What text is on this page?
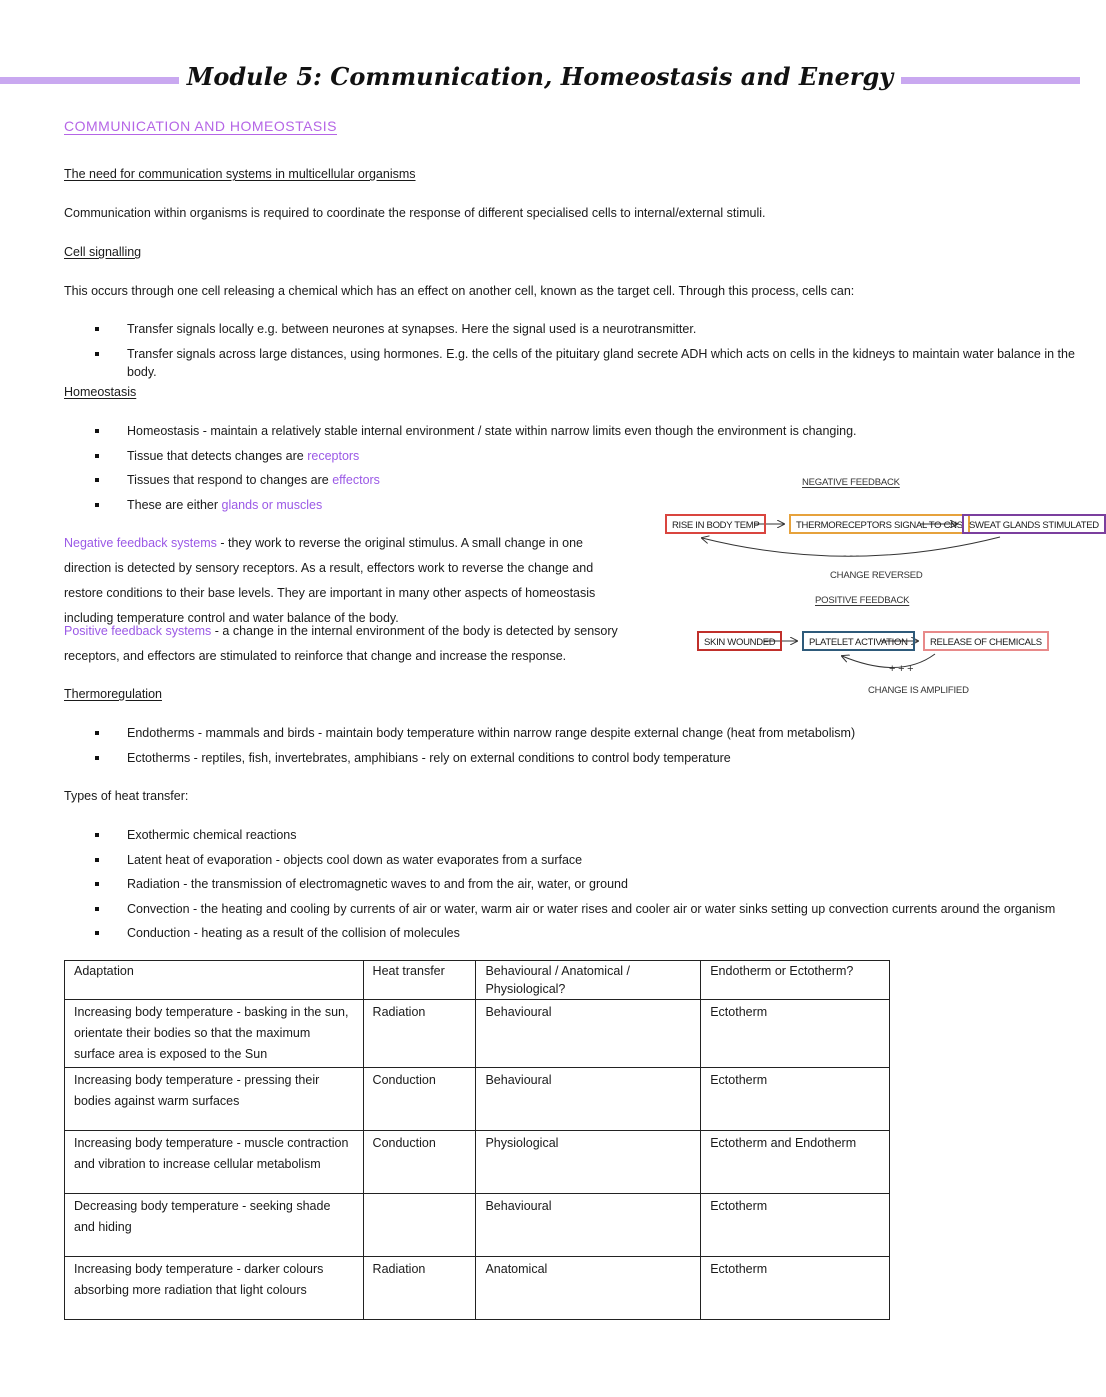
Module 5: Communication, Homeostasis and Energy
COMMUNICATION AND HOMEOSTASIS
The need for communication systems in multicellular organisms
Communication within organisms is required to coordinate the response of different specialised cells to internal/external stimuli.
Cell signalling
This occurs through one cell releasing a chemical which has an effect on another cell, known as the target cell. Through this process, cells can:
Transfer signals locally e.g. between neurones at synapses. Here the signal used is a neurotransmitter.
Transfer signals across large distances, using hormones. E.g. the cells of the pituitary gland secrete ADH which acts on cells in the kidneys to maintain water balance in the body.
Homeostasis
Homeostasis - maintain a relatively stable internal environment / state within narrow limits even though the environment is changing.
Tissue that detects changes are receptors
Tissues that respond to changes are effectors
These are either glands or muscles
Negative feedback systems - they work to reverse the original stimulus. A small change in one direction is detected by sensory receptors. As a result, effectors work to reverse the change and restore conditions to their base levels. They are important in many other aspects of homeostasis including temperature control and water balance of the body.
Positive feedback systems - a change in the internal environment of the body is detected by sensory receptors, and effectors are stimulated to reinforce that change and increase the response.
NEGATIVE FEEDBACK
RISE IN BODY TEMP	THERMORECEPTORS SIGNAL TO CNS SWEAT GLANDS STIMULATED
- - -
CHANGE REVERSED
POSITIVE FEEDBACK
SKIN WOUNDED	PLATELET ACTIVATION	RELEASE OF CHEMICALS
+ + +
CHANGE IS AMPLIFIED
Thermoregulation
Endotherms - mammals and birds - maintain body temperature within narrow range despite external change (heat from metabolism)
Ectotherms - reptiles, fish, invertebrates, amphibians - rely on external conditions to control body temperature
Types of heat transfer:
Exothermic chemical reactions
Latent heat of evaporation - objects cool down as water evaporates from a surface
Radiation - the transmission of electromagnetic waves to and from the air, water, or ground
Convection - the heating and cooling by currents of air or water, warm air or water rises and cooler air or water sinks setting up convection currents around the organism
Conduction - heating as a result of the collision of molecules
Adaptation	Heat transfer	Behavioural / Anatomical / Physiological?	Endotherm or Ectotherm?
Increasing body temperature - basking in the sun, orientate their bodies so that the maximum surface area is exposed to the Sun	Radiation	Behavioural	Ectotherm
Increasing body temperature - pressing their bodies against warm surfaces	Conduction	Behavioural	Ectotherm
Increasing body temperature - muscle contraction and vibration to increase cellular metabolism	Conduction	Physiological	Ectotherm and Endotherm
Decreasing body temperature - seeking shade and hiding		Behavioural	Ectotherm
Increasing body temperature - darker colours absorbing more radiation that light colours	Radiation	Anatomical	Ectotherm
